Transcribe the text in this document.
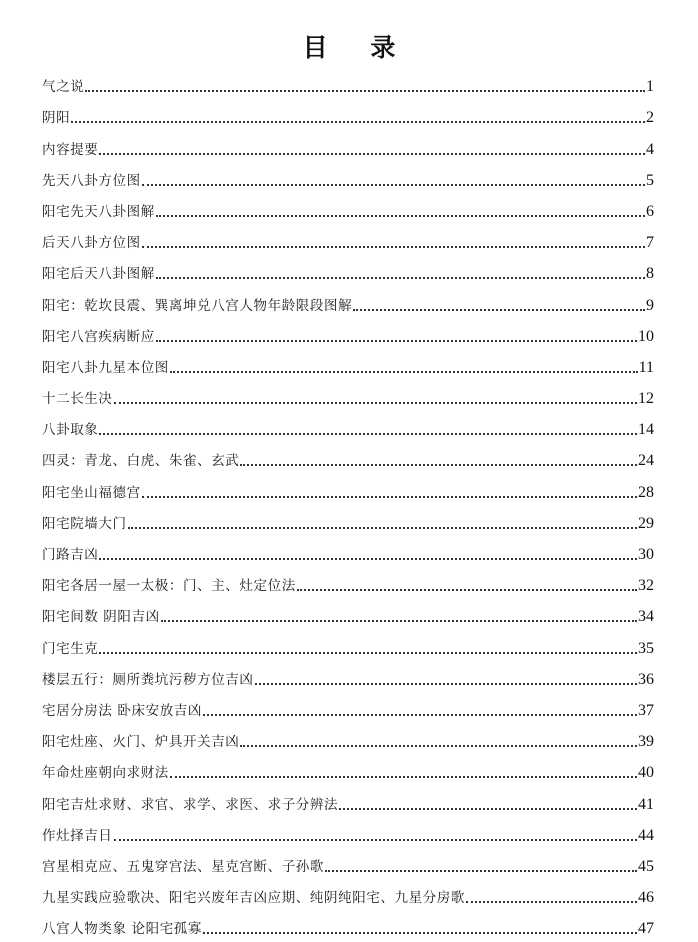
目 录
气之说	1
阴阳	2
内容提要	4
先天八卦方位图	5
阳宅先天八卦图解	6
后天八卦方位图	7
阳宅后天八卦图解	8
阳宅：乾坎艮震、巽离坤兑八宫人物年龄限段图解	9
阳宅八宫疾病断应	10
阳宅八卦九星本位图	11
十二长生决	12
八卦取象	14
四灵：青龙、白虎、朱雀、玄武	24
阳宅坐山福德宫	28
阳宅院墙大门	29
门路吉凶	30
阳宅各居一屋一太极：门、主、灶定位法	32
阳宅间数 阴阳吉凶	34
门宅生克	35
楼层五行：厕所粪坑污秽方位吉凶	36
宅居分房法 卧床安放吉凶	37
阳宅灶座、火门、炉具开关吉凶	39
年命灶座朝向求财法	40
阳宅吉灶求财、求官、求学、求医、求子分辨法	41
作灶择吉日	44
宫星相克应、五鬼穿宫法、星克宫断、子孙歌	45
九星实践应验歌决、阳宅兴废年吉凶应期、纯阴纯阳宅、九星分房歌	46
八宫人物类象 论阳宅孤寡	47
